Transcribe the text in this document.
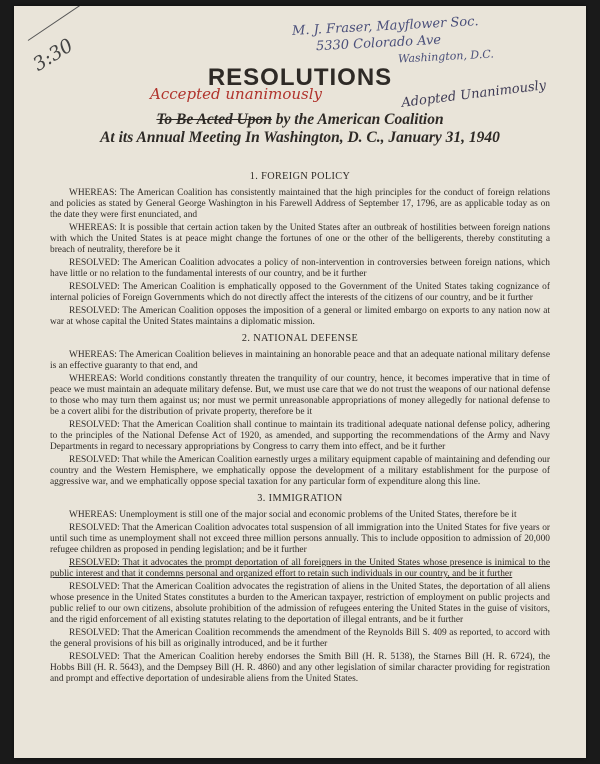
3:30
M. J. Fraser, Mayflower Soc.
5330 Colorado Ave
Washington, D.C.
RESOLUTIONS
Accepted unanimously	Adopted Unanimously
To Be Acted Upon by the American Coalition
At its Annual Meeting In Washington, D. C., January 31, 1940
1. FOREIGN POLICY

WHEREAS: The American Coalition has consistently maintained that the high principles for the conduct of foreign relations and policies as stated by General George Washington in his Farewell Address of September 17, 1796, are as applicable today as on the date they were first enunciated, and

WHEREAS: It is possible that certain action taken by the United States after an outbreak of hostilities between foreign nations with which the United States is at peace might change the fortunes of one or the other of the belligerents, thereby constituting a breach of neutrality, therefore be it

RESOLVED: The American Coalition advocates a policy of non-intervention in controversies between foreign nations, which have little or no relation to the fundamental interests of our country, and be it further

RESOLVED: The American Coalition is emphatically opposed to the Government of the United States taking cognizance of internal policies of Foreign Governments which do not directly affect the interests of the citizens of our country, and be it further

RESOLVED: The American Coalition opposes the imposition of a general or limited embargo on exports to any nation now at war at whose capital the United States maintains a diplomatic mission.

2. NATIONAL DEFENSE

WHEREAS: The American Coalition believes in maintaining an honorable peace and that an adequate national military defense is an effective guaranty to that end, and

WHEREAS: World conditions constantly threaten the tranquility of our country, hence, it becomes imperative that in time of peace we must maintain an adequate military defense. But, we must use care that we do not trust the weapons of our national defense to those who may turn them against us; nor must we permit unreasonable appropriations of money allegedly for national defense to be a covert alibi for the distribution of private property, therefore be it

RESOLVED: That the American Coalition shall continue to maintain its traditional adequate national defense policy, adhering to the principles of the National Defense Act of 1920, as amended, and supporting the recommendations of the Army and Navy Departments in regard to necessary appropriations by Congress to carry them into effect, and be it further

RESOLVED: That while the American Coalition earnestly urges a military equipment capable of maintaining and defending our country and the Western Hemisphere, we emphatically oppose the development of a military establishment for the purpose of aggressive war, and we emphatically oppose special taxation for any particular form of expenditure along this line.

3. IMMIGRATION

WHEREAS: Unemployment is still one of the major social and economic problems of the United States, therefore be it

RESOLVED: That the American Coalition advocates total suspension of all immigration into the United States for five years or until such time as unemployment shall not exceed three million persons annually. This to include opposition to admission of 20,000 refugee children as proposed in pending legislation; and be it further

RESOLVED: That it advocates the prompt deportation of all foreigners in the United States whose presence is inimical to the public interest and that it condemns personal and organized effort to retain such individuals in our country, and be it further

RESOLVED: That the American Coalition advocates the registration of aliens in the United States, the deportation of all aliens whose presence in the United States constitutes a burden to the American taxpayer, restriction of employment on public projects and public relief to our own citizens, absolute prohibition of the admission of refugees entering the United States in the guise of visitors, and the rigid enforcement of all existing statutes relating to the deportation of illegal entrants, and be it further

RESOLVED: That the American Coalition recommends the amendment of the Reynolds Bill S. 409 as reported, to accord with the general provisions of his bill as originally introduced, and be it further

RESOLVED: That the American Coalition hereby endorses the Smith Bill (H. R. 5138), the Starnes Bill (H. R. 6724), the Hobbs Bill (H. R. 5643), and the Dempsey Bill (H. R. 4860) and any other legislation of similar character providing for registration and prompt and effective deportation of undesirable aliens from the United States.
